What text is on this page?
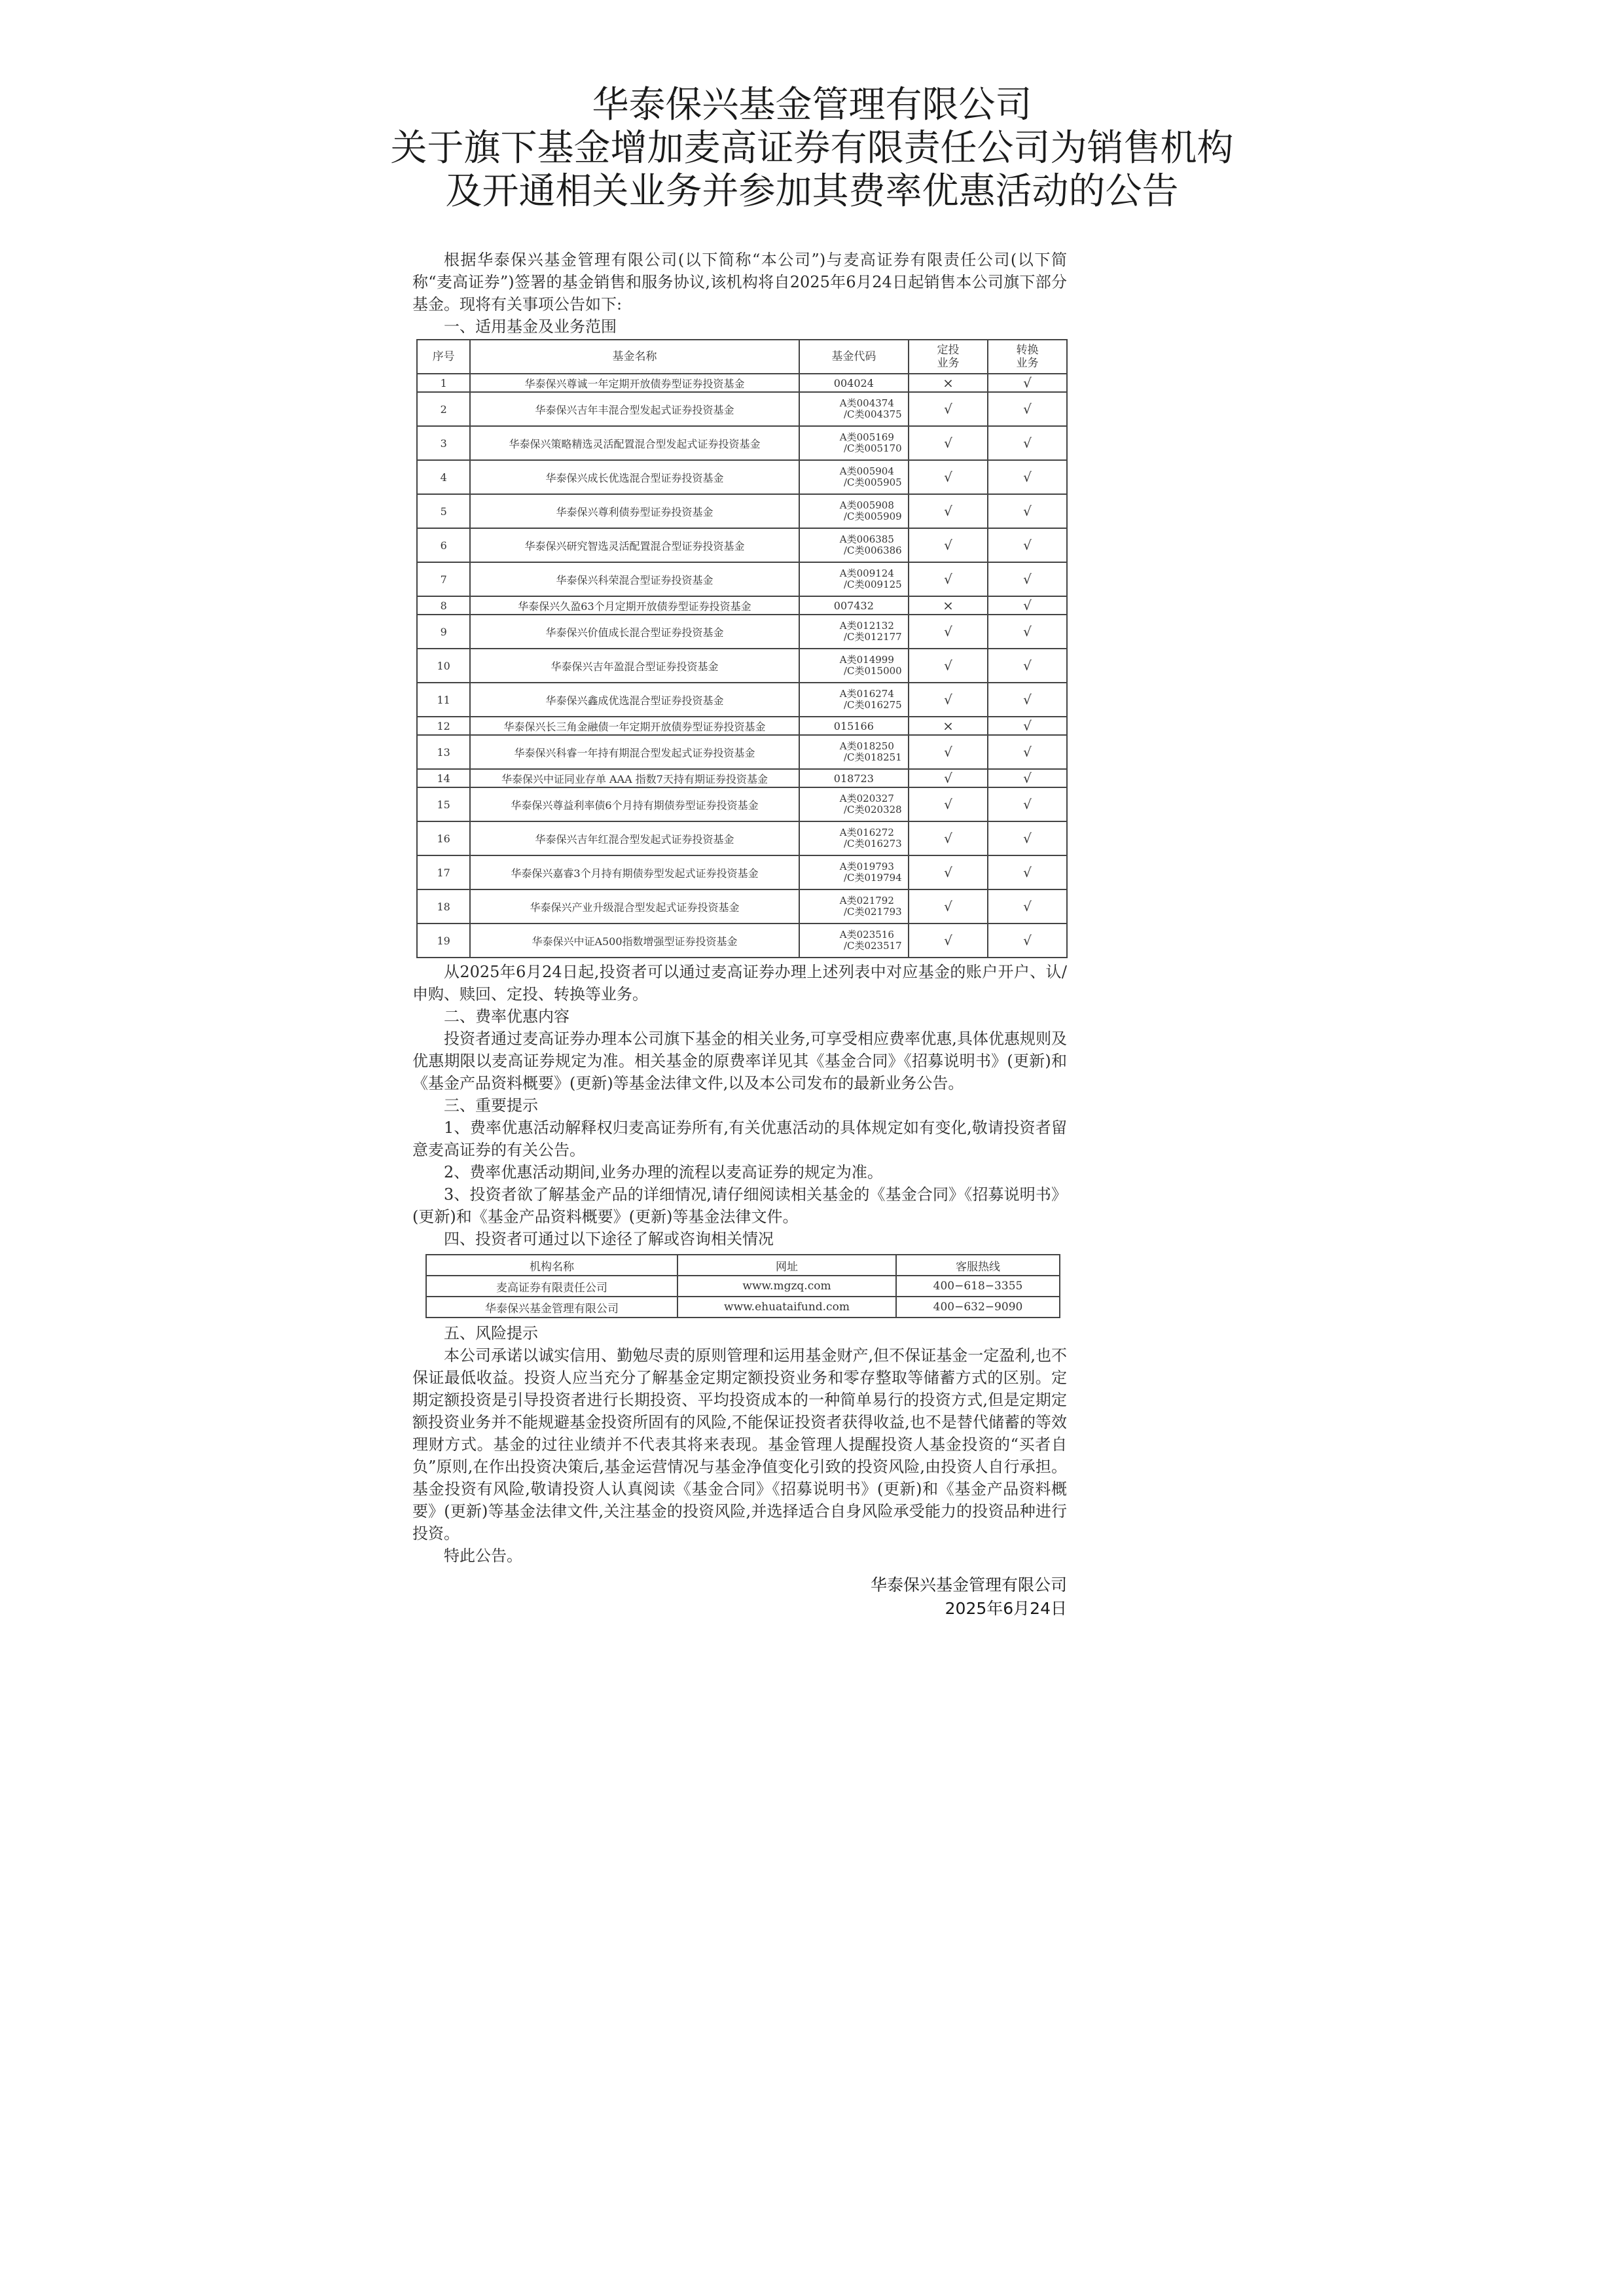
华泰保兴基金管理有限公司
关于旗下基金增加麦高证券有限责任公司为销售机构
及开通相关业务并参加其费率优惠活动的公告

根据华泰保兴基金管理有限公司(以下简称“本公司”)与麦高证券有限责任公司(以下简称“麦高证券”)签署的基金销售和服务协议,该机构将自2025年6月24日起销售本公司旗下部分基金。现将有关事项公告如下:

一、适用基金及业务范围

序号	基金名称	基金代码	定投
业务	转换
业务
1	华泰保兴尊诚一年定期开放债券型证券投资基金	004024	×	√
2	华泰保兴吉年丰混合型发起式证券投资基金	A类004374
/C类004375	√	√
3	华泰保兴策略精选灵活配置混合型发起式证券投资基金	A类005169
/C类005170	√	√
4	华泰保兴成长优选混合型证券投资基金	A类005904
/C类005905	√	√
5	华泰保兴尊利债券型证券投资基金	A类005908
/C类005909	√	√
6	华泰保兴研究智选灵活配置混合型证券投资基金	A类006385
/C类006386	√	√
7	华泰保兴科荣混合型证券投资基金	A类009124
/C类009125	√	√
8	华泰保兴久盈63个月定期开放债券型证券投资基金	007432	×	√
9	华泰保兴价值成长混合型证券投资基金	A类012132
/C类012177	√	√
10	华泰保兴吉年盈混合型证券投资基金	A类014999
/C类015000	√	√
11	华泰保兴鑫成优选混合型证券投资基金	A类016274
/C类016275	√	√
12	华泰保兴长三角金融债一年定期开放债券型证券投资基金	015166	×	√
13	华泰保兴科睿一年持有期混合型发起式证券投资基金	A类018250
/C类018251	√	√
14	华泰保兴中证同业存单 AAA 指数7天持有期证券投资基金	018723	√	√
15	华泰保兴尊益利率债6个月持有期债券型证券投资基金	A类020327
/C类020328	√	√
16	华泰保兴吉年红混合型发起式证券投资基金	A类016272
/C类016273	√	√
17	华泰保兴嘉睿3个月持有期债券型发起式证券投资基金	A类019793
/C类019794	√	√
18	华泰保兴产业升级混合型发起式证券投资基金	A类021792
/C类021793	√	√
19	华泰保兴中证A500指数增强型证券投资基金	A类023516
/C类023517	√	√

从2025年6月24日起,投资者可以通过麦高证券办理上述列表中对应基金的账户开户、认/申购、赎回、定投、转换等业务。

二、费率优惠内容

投资者通过麦高证券办理本公司旗下基金的相关业务,可享受相应费率优惠,具体优惠规则及优惠期限以麦高证券规定为准。相关基金的原费率详见其《基金合同》《招募说明书》(更新)和《基金产品资料概要》(更新)等基金法律文件,以及本公司发布的最新业务公告。

三、重要提示

1、费率优惠活动解释权归麦高证券所有,有关优惠活动的具体规定如有变化,敬请投资者留意麦高证券的有关公告。

2、费率优惠活动期间,业务办理的流程以麦高证券的规定为准。

3、投资者欲了解基金产品的详细情况,请仔细阅读相关基金的《基金合同》《招募说明书》(更新)和《基金产品资料概要》(更新)等基金法律文件。

四、投资者可通过以下途径了解或咨询相关情况

机构名称	网址	客服热线
麦高证券有限责任公司	www.mgzq.com	400−618−3355
华泰保兴基金管理有限公司	www.ehuataifund.com	400−632−9090

五、风险提示

本公司承诺以诚实信用、勤勉尽责的原则管理和运用基金财产,但不保证基金一定盈利,也不保证最低收益。投资人应当充分了解基金定期定额投资业务和零存整取等储蓄方式的区别。定期定额投资是引导投资者进行长期投资、平均投资成本的一种简单易行的投资方式,但是定期定额投资业务并不能规避基金投资所固有的风险,不能保证投资者获得收益,也不是替代储蓄的等效理财方式。基金的过往业绩并不代表其将来表现。基金管理人提醒投资人基金投资的“买者自负”原则,在作出投资决策后,基金运营情况与基金净值变化引致的投资风险,由投资人自行承担。基金投资有风险,敬请投资人认真阅读《基金合同》《招募说明书》(更新)和《基金产品资料概要》(更新)等基金法律文件,关注基金的投资风险,并选择适合自身风险承受能力的投资品种进行投资。

特此公告。

华泰保兴基金管理有限公司
2025年6月24日
